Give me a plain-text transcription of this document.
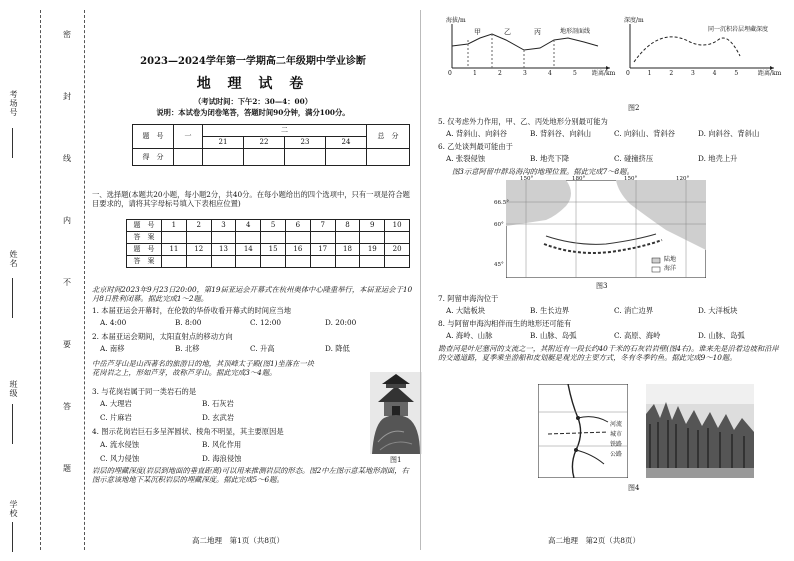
考场号
姓名
班级
学校
密
封
线
内
不
要
答
题
2023—2024学年第一学期高二年级期中学业诊断
地 理 试 卷
（考试时间：下午2：30—4：00）
说明：本试卷为闭卷笔答，答题时间90分钟，满分100分。
题　号	一	二				总　分
		21	22	23	24	
得　分						
一、选择题(本题共20小题，每小题2分，共40分。在每小题给出的四个选项中，只有一项是符合题目要求的，请将其字母标号填入下表相应位置)
题　号	1	2	3	4	5	6	7	8	9	10
答　案										
题　号	11	12	13	14	15	16	17	18	19	20
答　案										
北京时间2023年9月23日20:00，第19届亚运会开幕式在杭州奥体中心隆重举行，本届亚运会于10月8日胜利闭幕。据此完成1～2题。
1. 本届亚运会开幕时，在伦敦的华侨收看开幕式的时间应当地
A. 4:00	B. 8:00	C. 12:00	D. 20:00
2. 本届亚运会期间，太阳直射点的移动方向
A. 南移	B. 北移	C. 升高	D. 降低
中岳芦芽山是山西著名的旅游目的地，其顶峰太子殿(图1)坐落在一块花岗岩之上，形如芦芽，故称芦芽山。据此完成3～4题。
3. 与花岗岩属于同一类岩石的是
A. 大理岩	B. 石灰岩
C. 片麻岩	D. 玄武岩
4. 图示花岗岩巨石多呈浑圆状、棱角不明显，其主要原因是
A. 流水侵蚀	B. 风化作用
C. 风力侵蚀	D. 海浪侵蚀	图1
岩层的埋藏深度(岩层到地面的垂直距离)可以用来推测岩层的形态。图2中左图示意某地形剖面，右图示意该地地下某沉积岩层的埋藏深度。据此完成5～6题。
高二地理　第1页（共8页）
海拔/m
甲	乙	丙	地形剖面线
0	1	2	3	4	5	距离/km
深度/m
同一沉积岩层埋藏深度
0	1	2	3	4	5	距离/km
图2
5. 仅考虑外力作用，甲、乙、丙处地形分别最可能为
A. 背斜山、向斜谷	B. 背斜谷、向斜山	C. 向斜山、背斜谷	D. 向斜谷、背斜山
6. 乙处谈判最可能由于
A. 张裂侵蚀	B. 地壳下降	C. 碰撞挤压	D. 地壳上升
图3示意阿留申群岛海沟的地理位置。据此完成7～8题。
150°	180°	150°	120°
66.5°
60°
45°
陆地
海洋
图3
7. 阿留申海沟位于
A. 大陆板块	B. 生长边界	C. 消亡边界	D. 大洋板块
8. 与阿留申海沟相伴而生的地形还可能有
A. 海岭、山脉	B. 山脉、岛弧	C. 高原、海岭	D. 山脉、岛弧
勘查河是叶尼塞河的支流之一，其附近有一段长约40千米的石灰岩岩壁(图4右)。谁来先是沿着边坡和沿岸的交通道路，夏季乘坐游船和皮划艇是观光的主要方式，冬有冬季钓鱼。据此完成9～10题。
河流
城市
铁路
公路
图4
高二地理　第2页（共8页）
